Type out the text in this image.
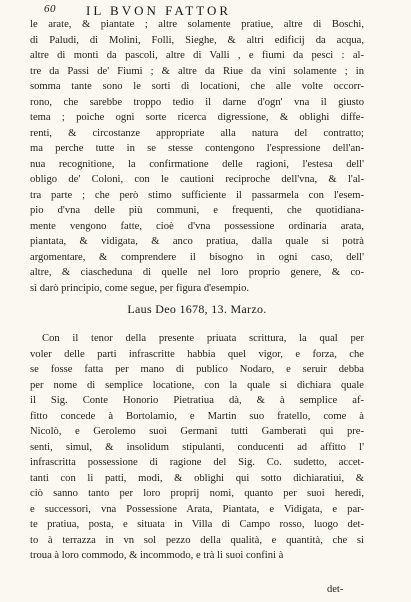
60 IL BVON FATTOR
le arate, & piantate ; altre solamente pratiue, altre di Boschi,
di Paludi, di Molini, Folli, Sieghe, & altri edificij da acqua,
altre di monti da pascoli, altre di Valli , e fiumi da pesci : al-
tre da Passi de' Fiumi ; & altre da Riue da vini solamente ; in
somma tante sono le sorti di locationi, che alle volte occorr-
rono, che sarebbe troppo tedio il darne d'ogn' vna il giusto
tema ; poiche ogni sorte ricerca digressione, & oblighi diffe-
renti, & circostanze appropriate alla natura del contratto;
ma perche tutte in se stesse contengono l'espressione dell'an-
nua recognitione, la confirmatione delle ragioni, l'estesa dell'
obligo de' Coloni, con le cautioni reciproche dell'vna, & l'al-
tra parte ; che però stimo sufficiente il passarmela con l'esem-
pio d'vna delle più communi, e frequenti, che quotidiana-
mente vengono fatte, cioè d'vna possessione ordinaria arata,
piantata, & vidigata, & anco pratiua, dalla quale si potrà
argomentare, & comprendere il bisogno in ogni caso, dell'
altre, & ciascheduna di quelle nel loro proprio genere, & co-
sì darò principio, come segue, per figura d'esempio.
Laus Deo 1678, 13. Marzo.
Con il tenor della presente priuata scrittura, la qual per
voler delle parti infrascritte habbia quel vigor, e forza, che
se fosse fatta per mano di publico Nodaro, e seruir debba
per nome di semplice locatione, con la quale si dichiara quale
il Sig. Conte Honorio Pietratiua dà, & à semplice af-
fitto concede à Bortolamio, e Martin suo fratello, come à
Nicolò, e Gerolemo suoi Germani tutti Gamberati qui pre-
senti, simul, & insolidum stipulanti, conducenti ad affitto l'
infrascritta possessione di ragione del Sig. Co. sudetto, accet-
tanti con li patti, modi, & oblighi qui sotto dichiaratiui, &
ciò sanno tanto per loro proprij nomi, quanto per suoi heredi,
e successori, vna Possessione Arata, Piantata, e Vidigata, e par-
te pratiua, posta, e situata in Villa di Campo rosso, luogo det-
to à terrazza in vn sol pezzo della qualità, e quantità, che si
troua à loro commodo, & incommodo, e trà li suoi confini à
det-
